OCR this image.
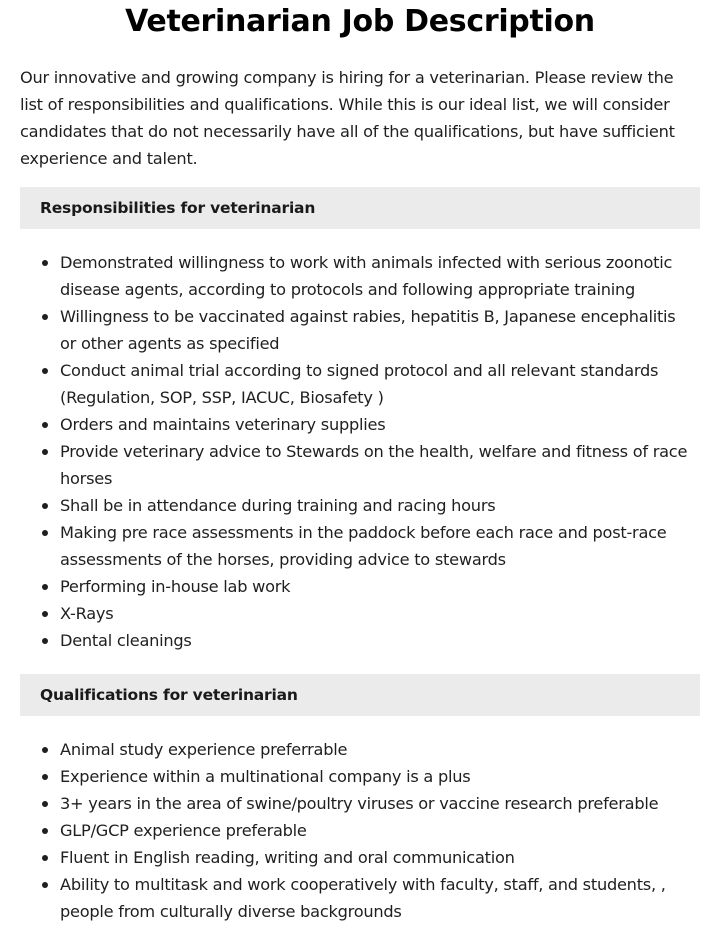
Veterinarian Job Description

Our innovative and growing company is hiring for a veterinarian. Please review the list of responsibilities and qualifications. While this is our ideal list, we will consider candidates that do not necessarily have all of the qualifications, but have sufficient experience and talent.

Responsibilities for veterinarian
Demonstrated willingness to work with animals infected with serious zoonotic disease agents, according to protocols and following appropriate training
Willingness to be vaccinated against rabies, hepatitis B, Japanese encephalitis or other agents as specified
Conduct animal trial according to signed protocol and all relevant standards (Regulation, SOP, SSP, IACUC, Biosafety )
Orders and maintains veterinary supplies
Provide veterinary advice to Stewards on the health, welfare and fitness of race horses
Shall be in attendance during training and racing hours
Making pre race assessments in the paddock before each race and post-race assessments of the horses, providing advice to stewards
Performing in-house lab work
X-Rays
Dental cleanings
Qualifications for veterinarian
Animal study experience preferrable
Experience within a multinational company is a plus
3+ years in the area of swine/poultry viruses or vaccine research preferable
GLP/GCP experience preferable
Fluent in English reading, writing and oral communication
Ability to multitask and work cooperatively with faculty, staff, and students, , people from culturally diverse backgrounds
